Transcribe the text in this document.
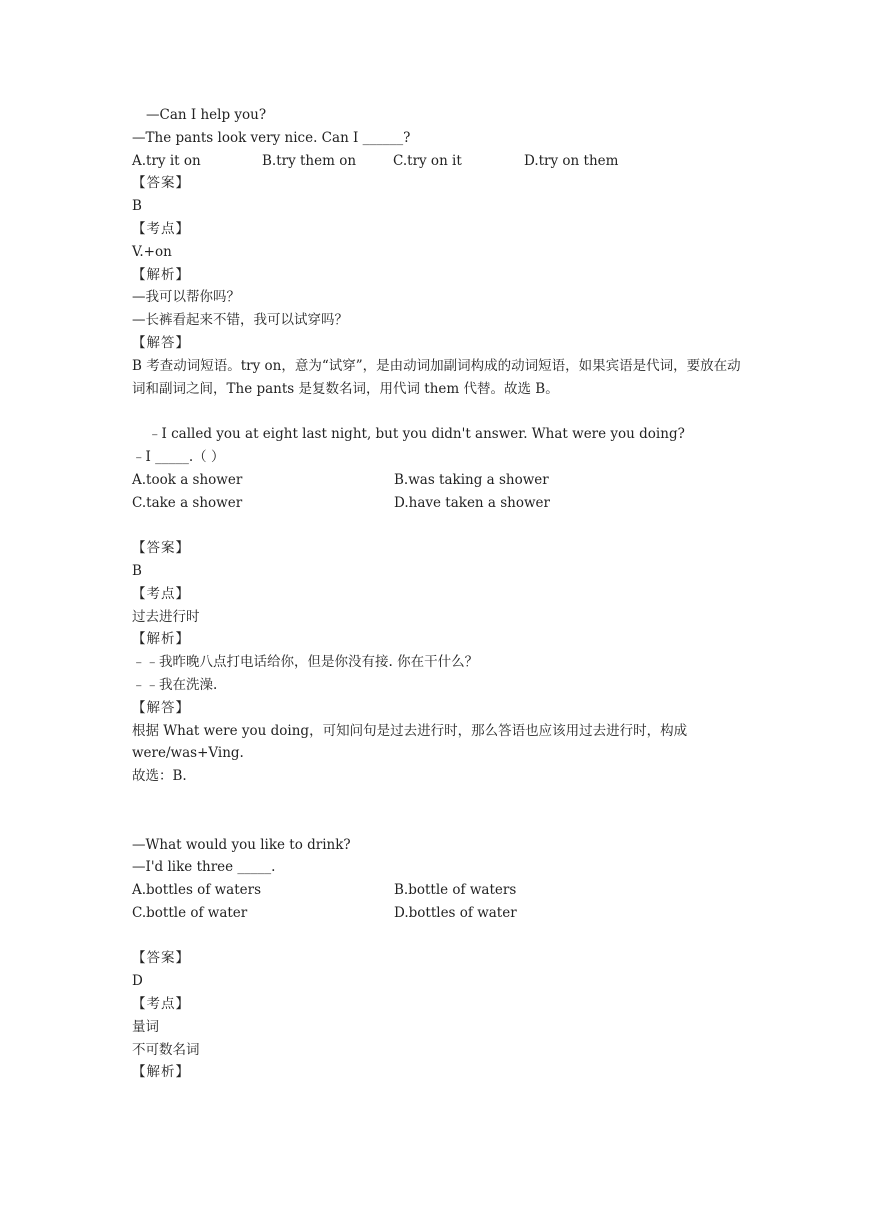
—Can I help you?

—The pants look very nice. Can I ______?

A.try it on	B.try them on	C.try on it	D.try on them

【答案】

B

【考点】

V.+on

【解析】

—我可以帮你吗？

—长裤看起来不错，我可以试穿吗？

【解答】

B 考查动词短语。try on，意为“试穿”，是由动词加副词构成的动词短语，如果宾语是代词，要放在动词和副词之间，The pants 是复数名词，用代词 them 代替。故选 B。

﹣I called you at eight last night, but you didn't answer. What were you doing?

﹣I _____.（ ）

A.took a shower	B.was taking a shower
C.take a shower	D.have taken a shower

【答案】

B

【考点】

过去进行时

【解析】

﹣﹣我昨晚八点打电话给你，但是你没有接. 你在干什么？

﹣﹣我在洗澡.

【解答】

根据 What were you doing，可知问句是过去进行时，那么答语也应该用过去进行时，构成 were/was+Ving.

故选：B.

—What would you like to drink?

—I'd like three _____.

A.bottles of waters	B.bottle of waters
C.bottle of water	D.bottles of water

【答案】

D

【考点】

量词

不可数名词

【解析】
